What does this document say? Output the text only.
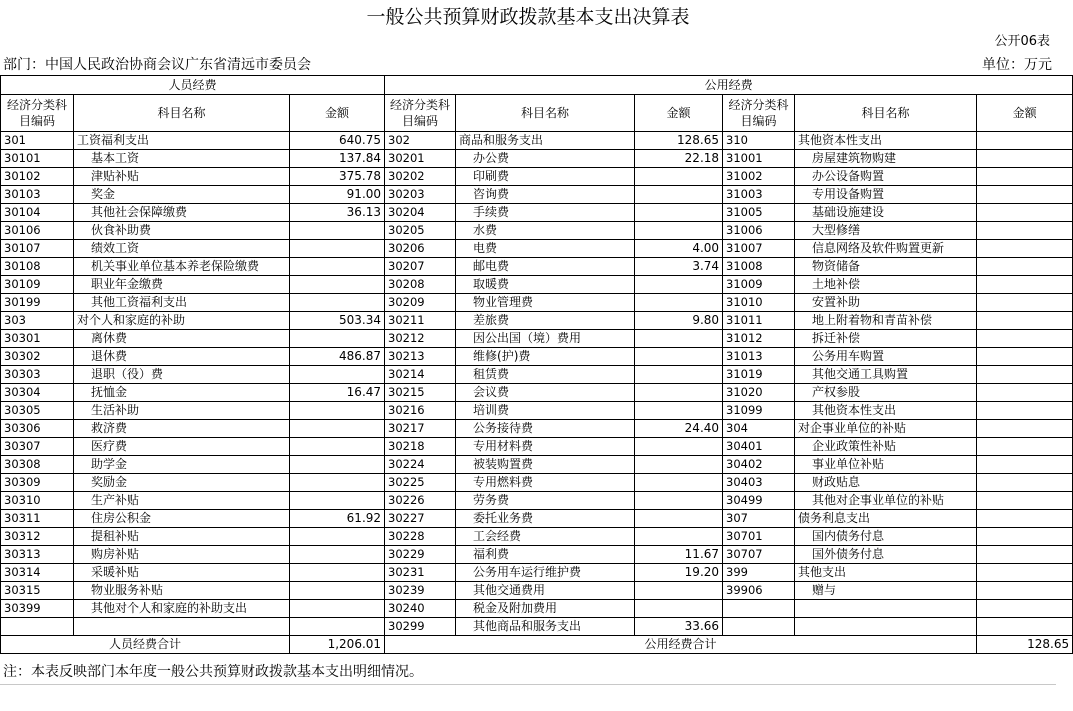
一般公共预算财政拨款基本支出决算表
公开06表
部门：中国人民政治协商会议广东省清远市委员会	单位：万元
人员经费			公用经费					
经济分类科目编码	科目名称	金额	经济分类科目编码	科目名称	金额	经济分类科目编码	科目名称	金额
301	工资福利支出	640.75	302	商品和服务支出	128.65	310	其他资本性支出	
30101	基本工资	137.84	30201	办公费	22.18	31001	房屋建筑物购建	
30102	津贴补贴	375.78	30202	印刷费		31002	办公设备购置	
30103	奖金	91.00	30203	咨询费		31003	专用设备购置	
30104	其他社会保障缴费	36.13	30204	手续费		31005	基础设施建设	
30106	伙食补助费		30205	水费		31006	大型修缮	
30107	绩效工资		30206	电费	4.00	31007	信息网络及软件购置更新	
30108	机关事业单位基本养老保险缴费		30207	邮电费	3.74	31008	物资储备	
30109	职业年金缴费		30208	取暖费		31009	土地补偿	
30199	其他工资福利支出		30209	物业管理费		31010	安置补助	
303	对个人和家庭的补助	503.34	30211	差旅费	9.80	31011	地上附着物和青苗补偿	
30301	离休费		30212	因公出国（境）费用		31012	拆迁补偿	
30302	退休费	486.87	30213	维修(护)费		31013	公务用车购置	
30303	退职（役）费		30214	租赁费		31019	其他交通工具购置	
30304	抚恤金	16.47	30215	会议费		31020	产权参股	
30305	生活补助		30216	培训费		31099	其他资本性支出	
30306	救济费		30217	公务接待费	24.40	304	对企事业单位的补贴	
30307	医疗费		30218	专用材料费		30401	企业政策性补贴	
30308	助学金		30224	被装购置费		30402	事业单位补贴	
30309	奖励金		30225	专用燃料费		30403	财政贴息	
30310	生产补贴		30226	劳务费		30499	其他对企事业单位的补贴	
30311	住房公积金	61.92	30227	委托业务费		307	债务利息支出	
30312	提租补贴		30228	工会经费		30701	国内债务付息	
30313	购房补贴		30229	福利费	11.67	30707	国外债务付息	
30314	采暖补贴		30231	公务用车运行维护费	19.20	399	其他支出	
30315	物业服务补贴		30239	其他交通费用		39906	赠与	
30399	其他对个人和家庭的补助支出		30240	税金及附加费用				
			30299	其他商品和服务支出	33.66			
人员经费合计		1,206.01	公用经费合计					128.65
注：本表反映部门本年度一般公共预算财政拨款基本支出明细情况。
